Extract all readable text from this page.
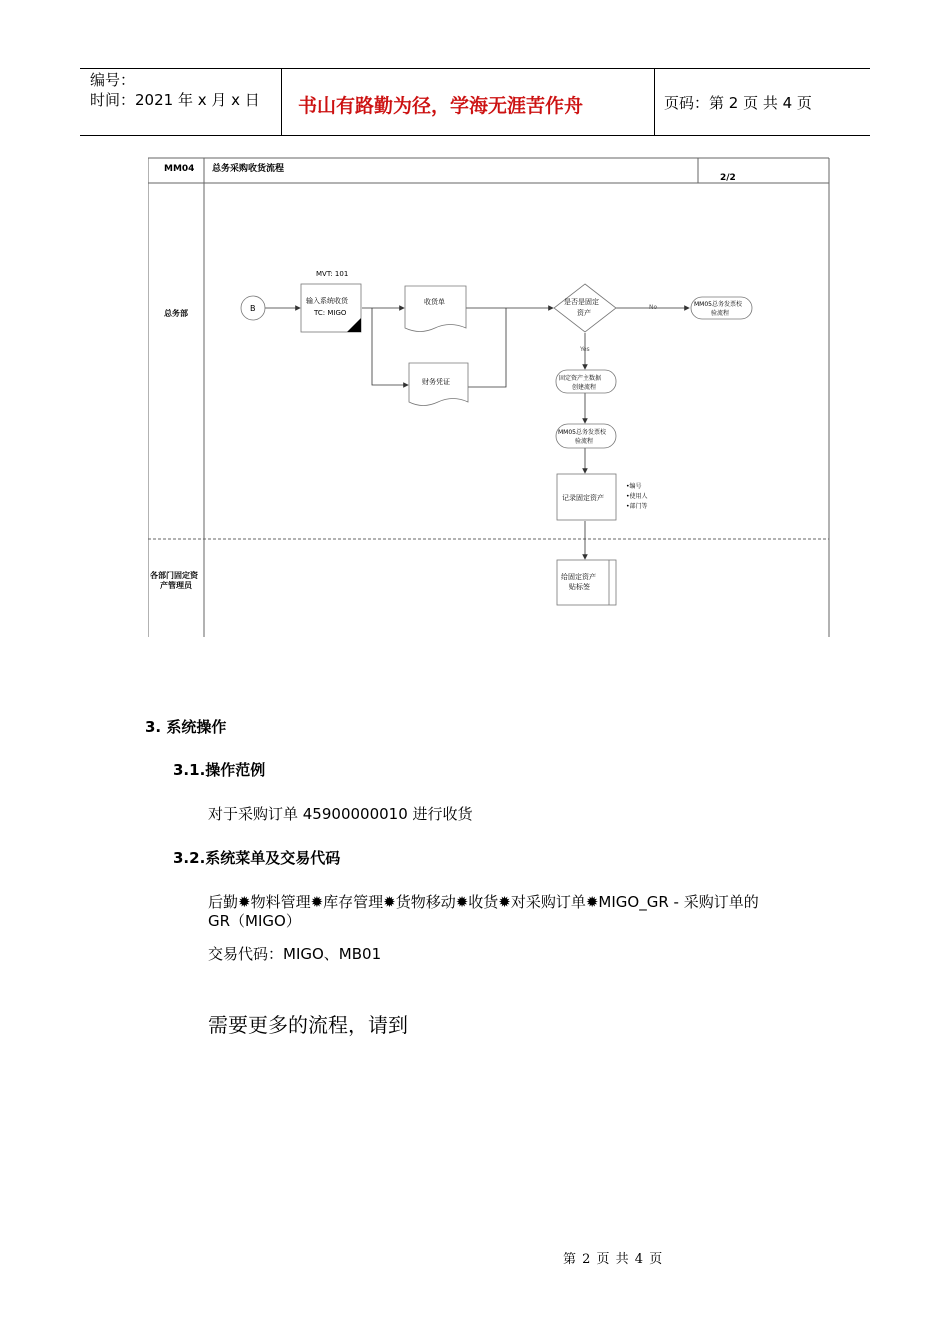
编号：
时间：2021 年 x 月 x 日 书山有路勤为径，学海无涯苦作舟	页码：第 2 页 共 4 页
MM04 总务采购收货流程
2/2
总务部
各部门固定资
产管理员
B
MVT: 101
输入系统收货
TC: MIGO
收货单
财务凭证
是否是固定
资产
No
Yes
MM05总务发票校
验流程
固定资产主数据
创建流程
MM05总务发票校
验流程
记录固定资产
•编号
•使用人
•部门等
给固定资产
贴标签
3. 系统操作
3.1.操作范例
对于采购订单 45900000010 进行收货
3.2.系统菜单及交易代码
后勤✹物料管理✹库存管理✹货物移动✹收货✹对采购订单✹MIGO_GR - 采购订单的
GR（MIGO）
交易代码：MIGO、MB01
需要更多的流程，请到
第 2 页 共 4 页
